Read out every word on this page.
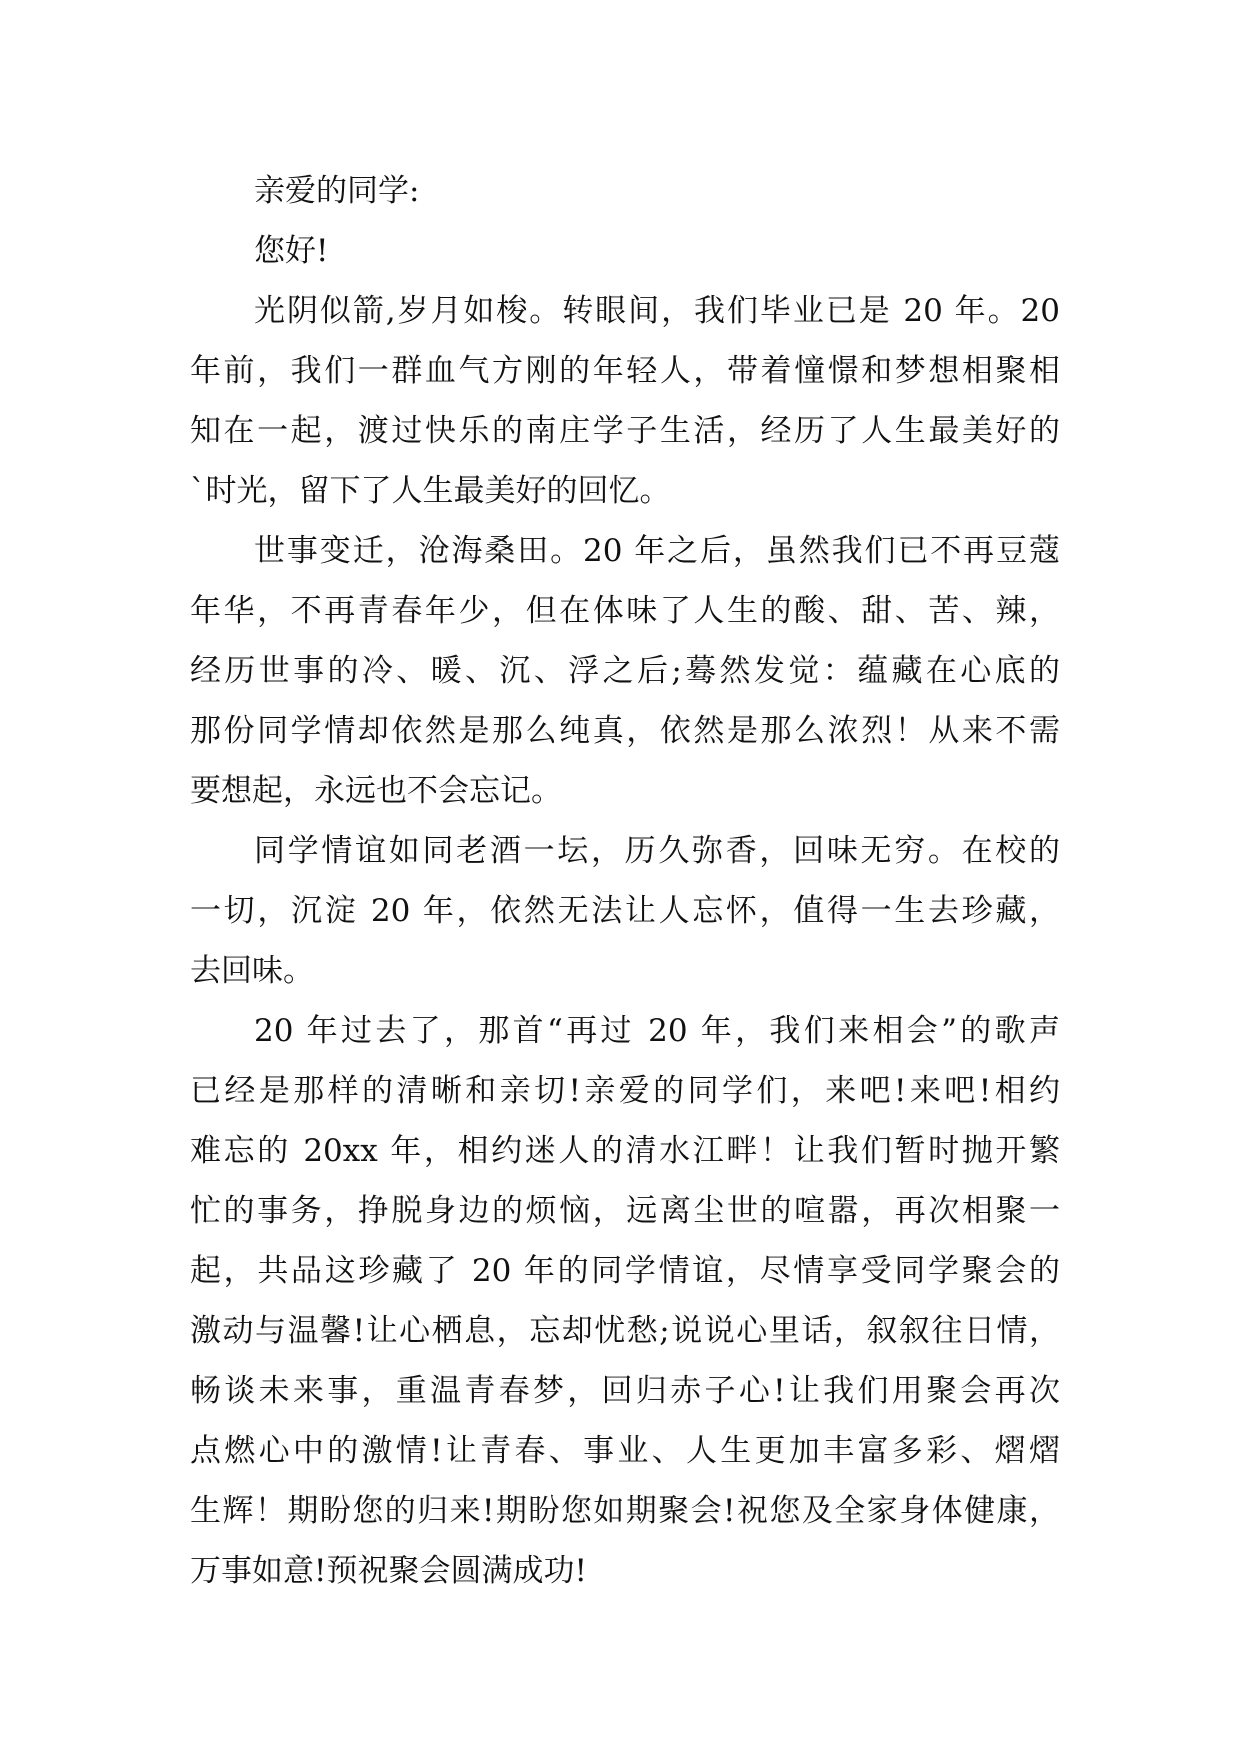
亲爱的同学:
您好!
光阴似箭,岁月如梭。转眼间，我们毕业已是 20 年。20
年前，我们一群血气方刚的年轻人，带着憧憬和梦想相聚相
知在一起，渡过快乐的南庄学子生活，经历了人生最美好的
`时光，留下了人生最美好的回忆。
世事变迁，沧海桑田。20 年之后，虽然我们已不再豆蔻
年华，不再青春年少，但在体味了人生的酸、甜、苦、辣，
经历世事的冷、暖、沉、浮之后;蓦然发觉：蕴藏在心底的
那份同学情却依然是那么纯真，依然是那么浓烈！从来不需
要想起，永远也不会忘记。
同学情谊如同老酒一坛，历久弥香，回味无穷。在校的
一切，沉淀 20 年，依然无法让人忘怀，值得一生去珍藏，
去回味。
20 年过去了，那首“再过 20 年，我们来相会”的歌声
已经是那样的清晰和亲切!亲爱的同学们，来吧!来吧!相约
难忘的 20xx 年，相约迷人的清水江畔！让我们暂时抛开繁
忙的事务，挣脱身边的烦恼，远离尘世的喧嚣，再次相聚一
起，共品这珍藏了 20 年的同学情谊，尽情享受同学聚会的
激动与温馨!让心栖息，忘却忧愁;说说心里话，叙叙往日情，
畅谈未来事，重温青春梦，回归赤子心!让我们用聚会再次
点燃心中的激情!让青春、事业、人生更加丰富多彩、熠熠
生辉！期盼您的归来!期盼您如期聚会!祝您及全家身体健康，
万事如意!预祝聚会圆满成功!
